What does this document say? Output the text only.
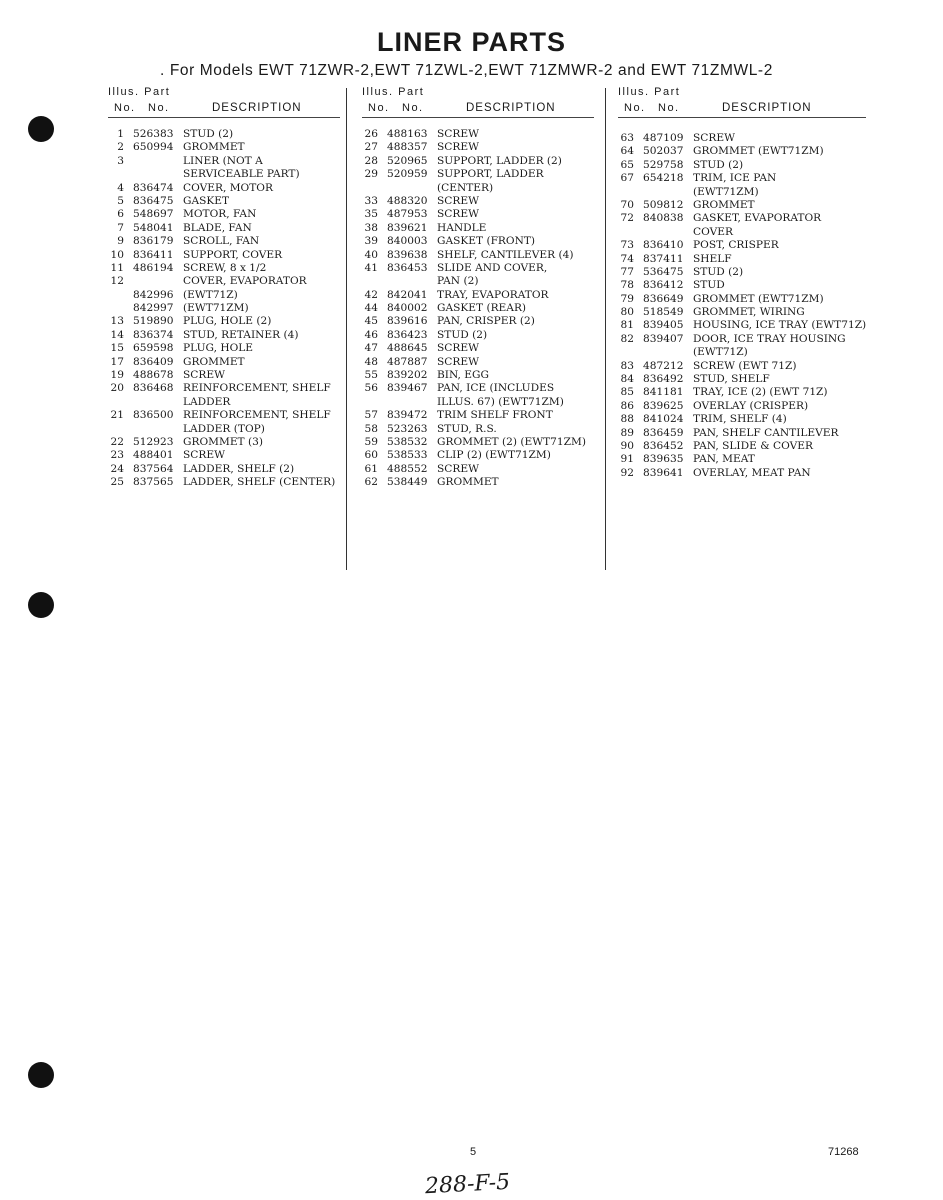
LINER PARTS
. For Models EWT 71ZWR-2,EWT 71ZWL-2,EWT 71ZMWR-2 and EWT 71ZMWL-2
Illus. Part
No. No.	DESCRIPTION
1 526383 STUD (2)
2 650994 GROMMET
3	LINER (NOT A
SERVICEABLE PART)
4 836474 COVER, MOTOR
5 836475 GASKET
6 548697 MOTOR, FAN
7 548041 BLADE, FAN
9 836179 SCROLL, FAN
10 836411 SUPPORT, COVER
11 486194 SCREW, 8 x 1/2
12	COVER, EVAPORATOR
842996 (EWT71Z)
842997 (EWT71ZM)
13 519890 PLUG, HOLE (2)
14 836374 STUD, RETAINER (4)
15 659598 PLUG, HOLE
17 836409 GROMMET
19 488678 SCREW
20 836468 REINFORCEMENT, SHELF
LADDER
21 836500 REINFORCEMENT, SHELF
LADDER (TOP)
22 512923 GROMMET (3)
23 488401 SCREW
24 837564 LADDER, SHELF (2)
25 837565 LADDER, SHELF (CENTER)
Illus. Part
No. No.	DESCRIPTION
26 488163 SCREW
27 488357 SCREW
28 520965 SUPPORT, LADDER (2)
29 520959 SUPPORT, LADDER
(CENTER)
33 488320 SCREW
35 487953 SCREW
38 839621 HANDLE
39 840003 GASKET (FRONT)
40 839638 SHELF, CANTILEVER (4)
41 836453 SLIDE AND COVER,
PAN (2)
42 842041 TRAY, EVAPORATOR
44 840002 GASKET (REAR)
45 839616 PAN, CRISPER (2)
46 836423 STUD (2)
47 488645 SCREW
48 487887 SCREW
55 839202 BIN, EGG
56 839467 PAN, ICE (INCLUDES
ILLUS. 67) (EWT71ZM)
57 839472 TRIM SHELF FRONT
58 523263 STUD, R.S.
59 538532 GROMMET (2) (EWT71ZM)
60 538533 CLIP (2) (EWT71ZM)
61 488552 SCREW
62 538449 GROMMET
Illus. Part
No. No.	DESCRIPTION
63 487109 SCREW
64 502037 GROMMET (EWT71ZM)
65 529758 STUD (2)
67 654218 TRIM, ICE PAN
(EWT71ZM)
70 509812 GROMMET
72 840838 GASKET, EVAPORATOR
COVER
73 836410 POST, CRISPER
74 837411 SHELF
77 536475 STUD (2)
78 836412 STUD
79 836649 GROMMET (EWT71ZM)
80 518549 GROMMET, WIRING
81 839405 HOUSING, ICE TRAY (EWT71Z)
82 839407 DOOR, ICE TRAY HOUSING
(EWT71Z)
83 487212 SCREW (EWT 71Z)
84 836492 STUD, SHELF
85 841181 TRAY, ICE (2) (EWT 71Z)
86 839625 OVERLAY (CRISPER)
88 841024 TRIM, SHELF (4)
89 836459 PAN, SHELF CANTILEVER
90 836452 PAN, SLIDE & COVER
91 839635 PAN, MEAT
92 839641 OVERLAY, MEAT PAN
5	71268
288-F-5
